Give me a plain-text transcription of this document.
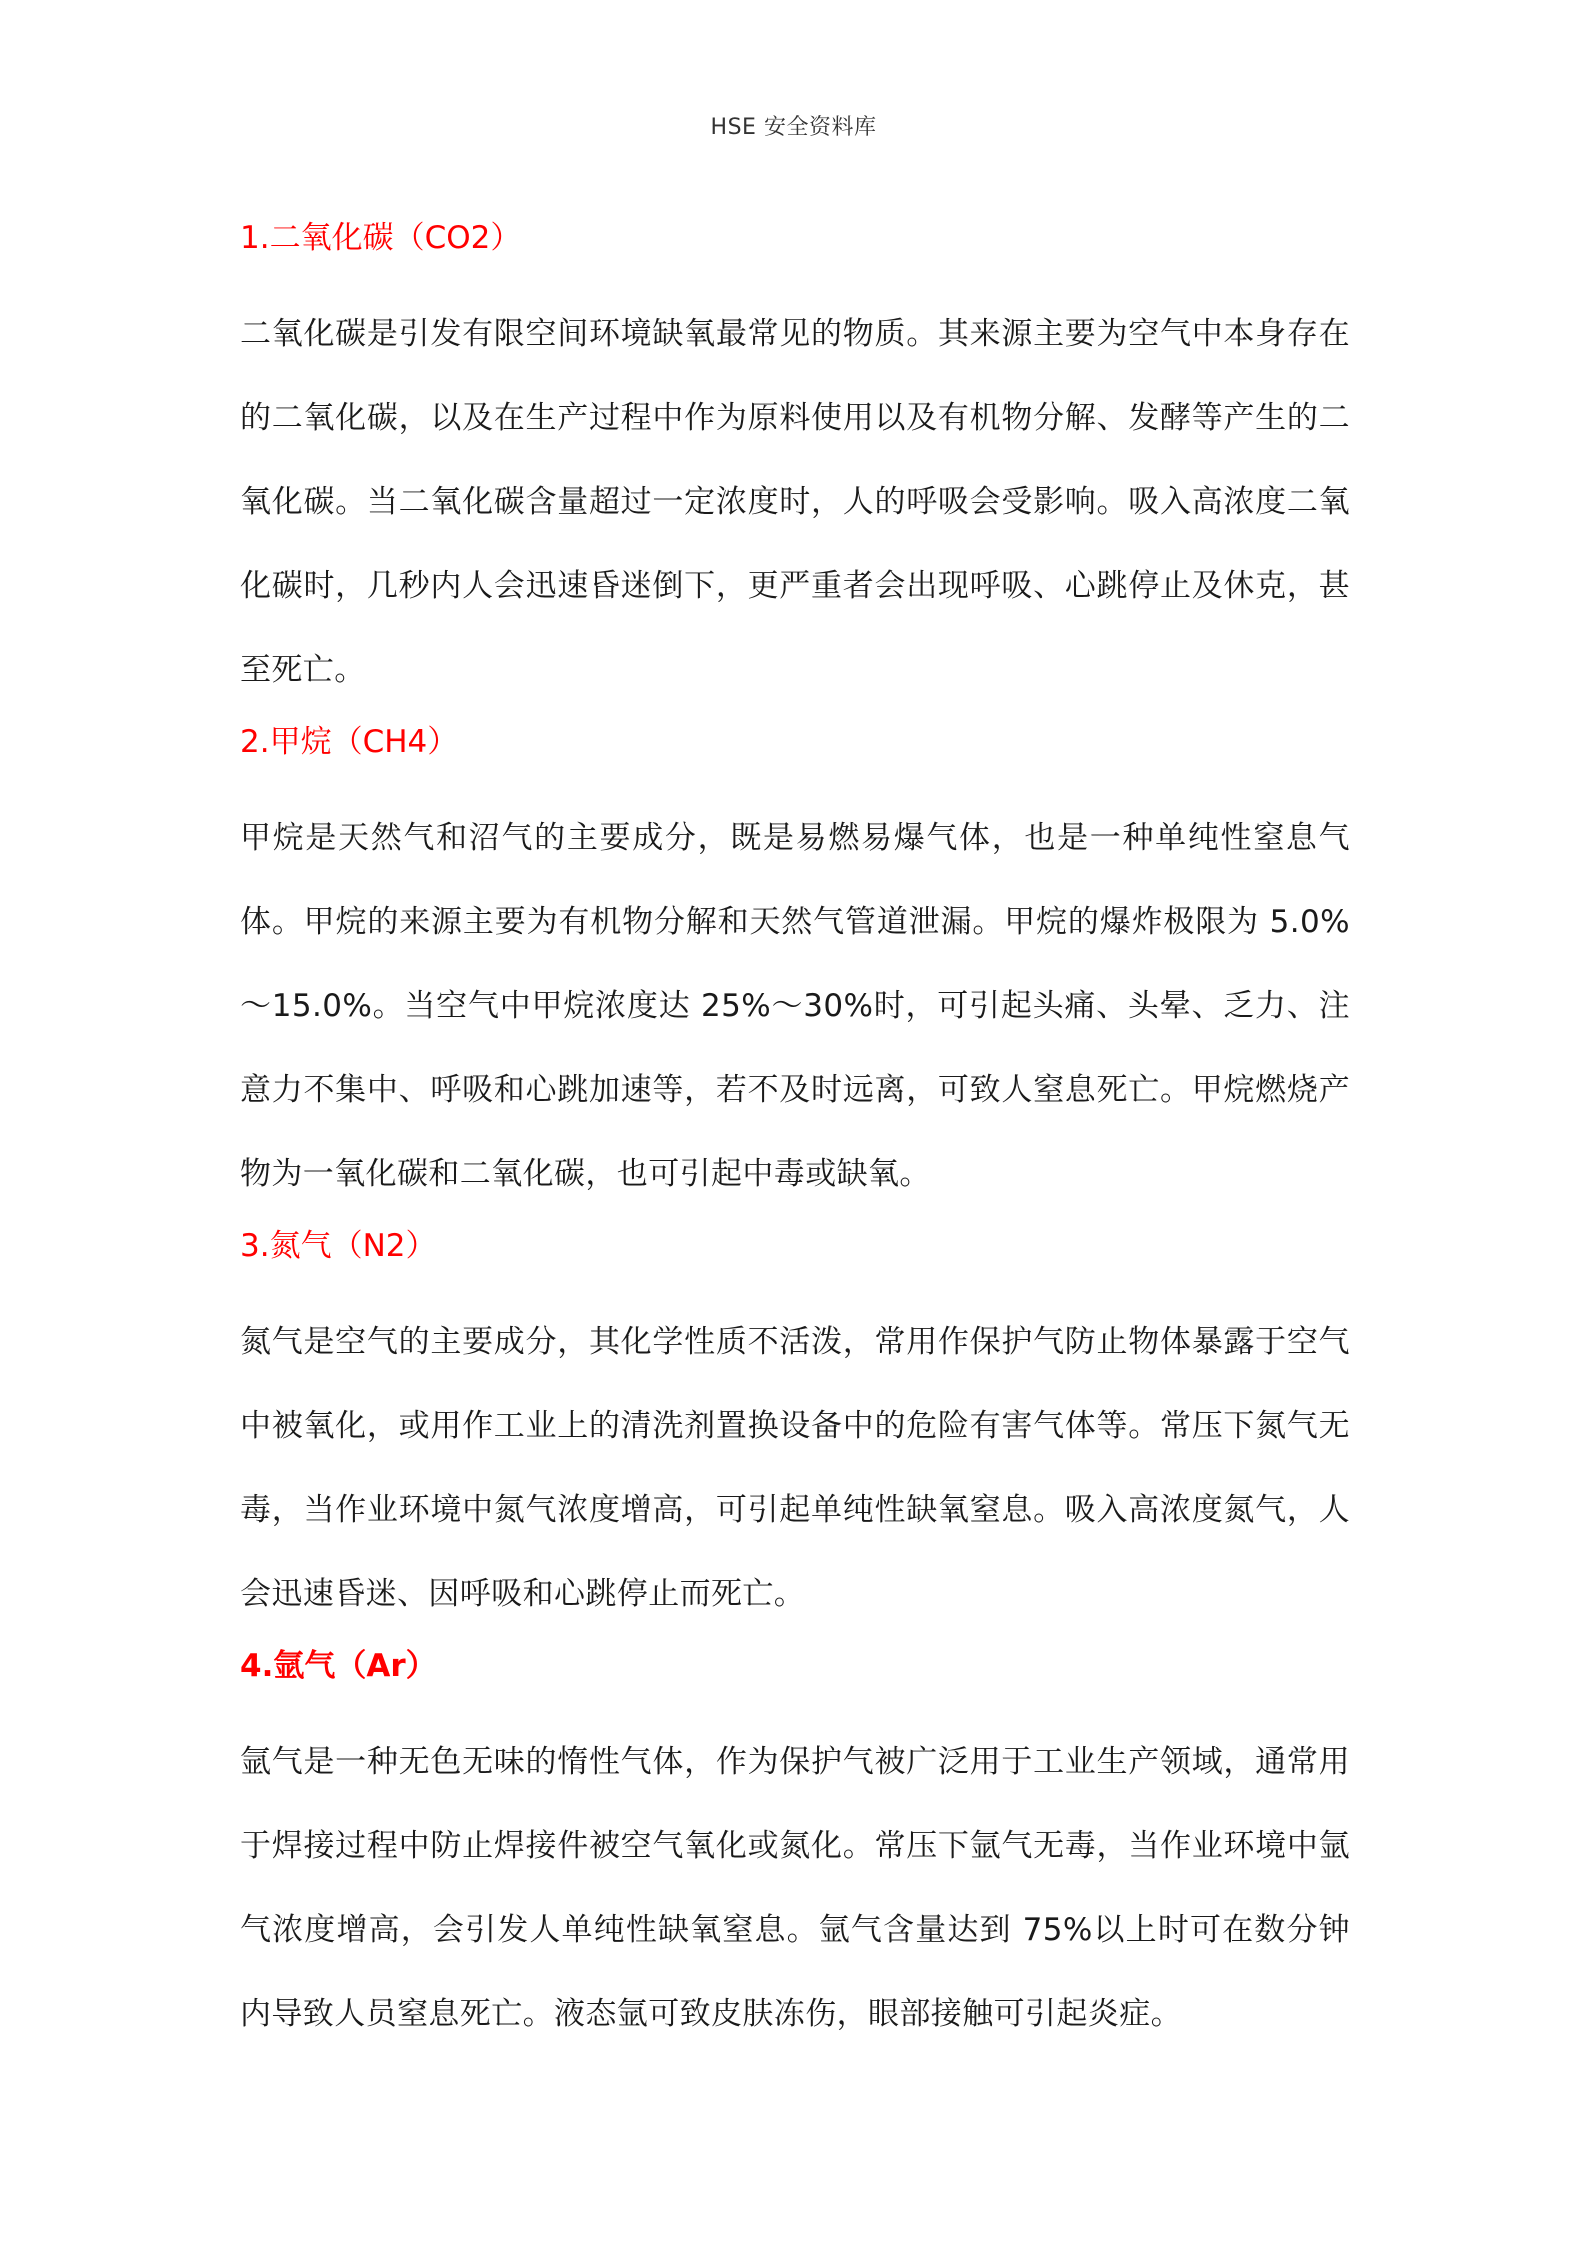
HSE 安全资料库
1.二氧化碳（CO2）

二氧化碳是引发有限空间环境缺氧最常见的物质。其来源主要为空气中本身存在的二氧化碳，以及在生产过程中作为原料使用以及有机物分解、发酵等产生的二氧化碳。当二氧化碳含量超过一定浓度时，人的呼吸会受影响。吸入高浓度二氧化碳时，几秒内人会迅速昏迷倒下，更严重者会出现呼吸、心跳停止及休克，甚至死亡。

2.甲烷（CH4）

甲烷是天然气和沼气的主要成分，既是易燃易爆气体，也是一种单纯性窒息气体。甲烷的来源主要为有机物分解和天然气管道泄漏。甲烷的爆炸极限为 5.0%～15.0%。当空气中甲烷浓度达 25%～30%时，可引起头痛、头晕、乏力、注意力不集中、呼吸和心跳加速等，若不及时远离，可致人窒息死亡。甲烷燃烧产物为一氧化碳和二氧化碳，也可引起中毒或缺氧。

3.氮气（N2）

氮气是空气的主要成分，其化学性质不活泼，常用作保护气防止物体暴露于空气中被氧化，或用作工业上的清洗剂置换设备中的危险有害气体等。常压下氮气无毒，当作业环境中氮气浓度增高，可引起单纯性缺氧窒息。吸入高浓度氮气，人会迅速昏迷、因呼吸和心跳停止而死亡。

4.氩气（Ar）

氩气是一种无色无味的惰性气体，作为保护气被广泛用于工业生产领域，通常用于焊接过程中防止焊接件被空气氧化或氮化。常压下氩气无毒，当作业环境中氩气浓度增高，会引发人单纯性缺氧窒息。氩气含量达到 75%以上时可在数分钟内导致人员窒息死亡。液态氩可致皮肤冻伤，眼部接触可引起炎症。
